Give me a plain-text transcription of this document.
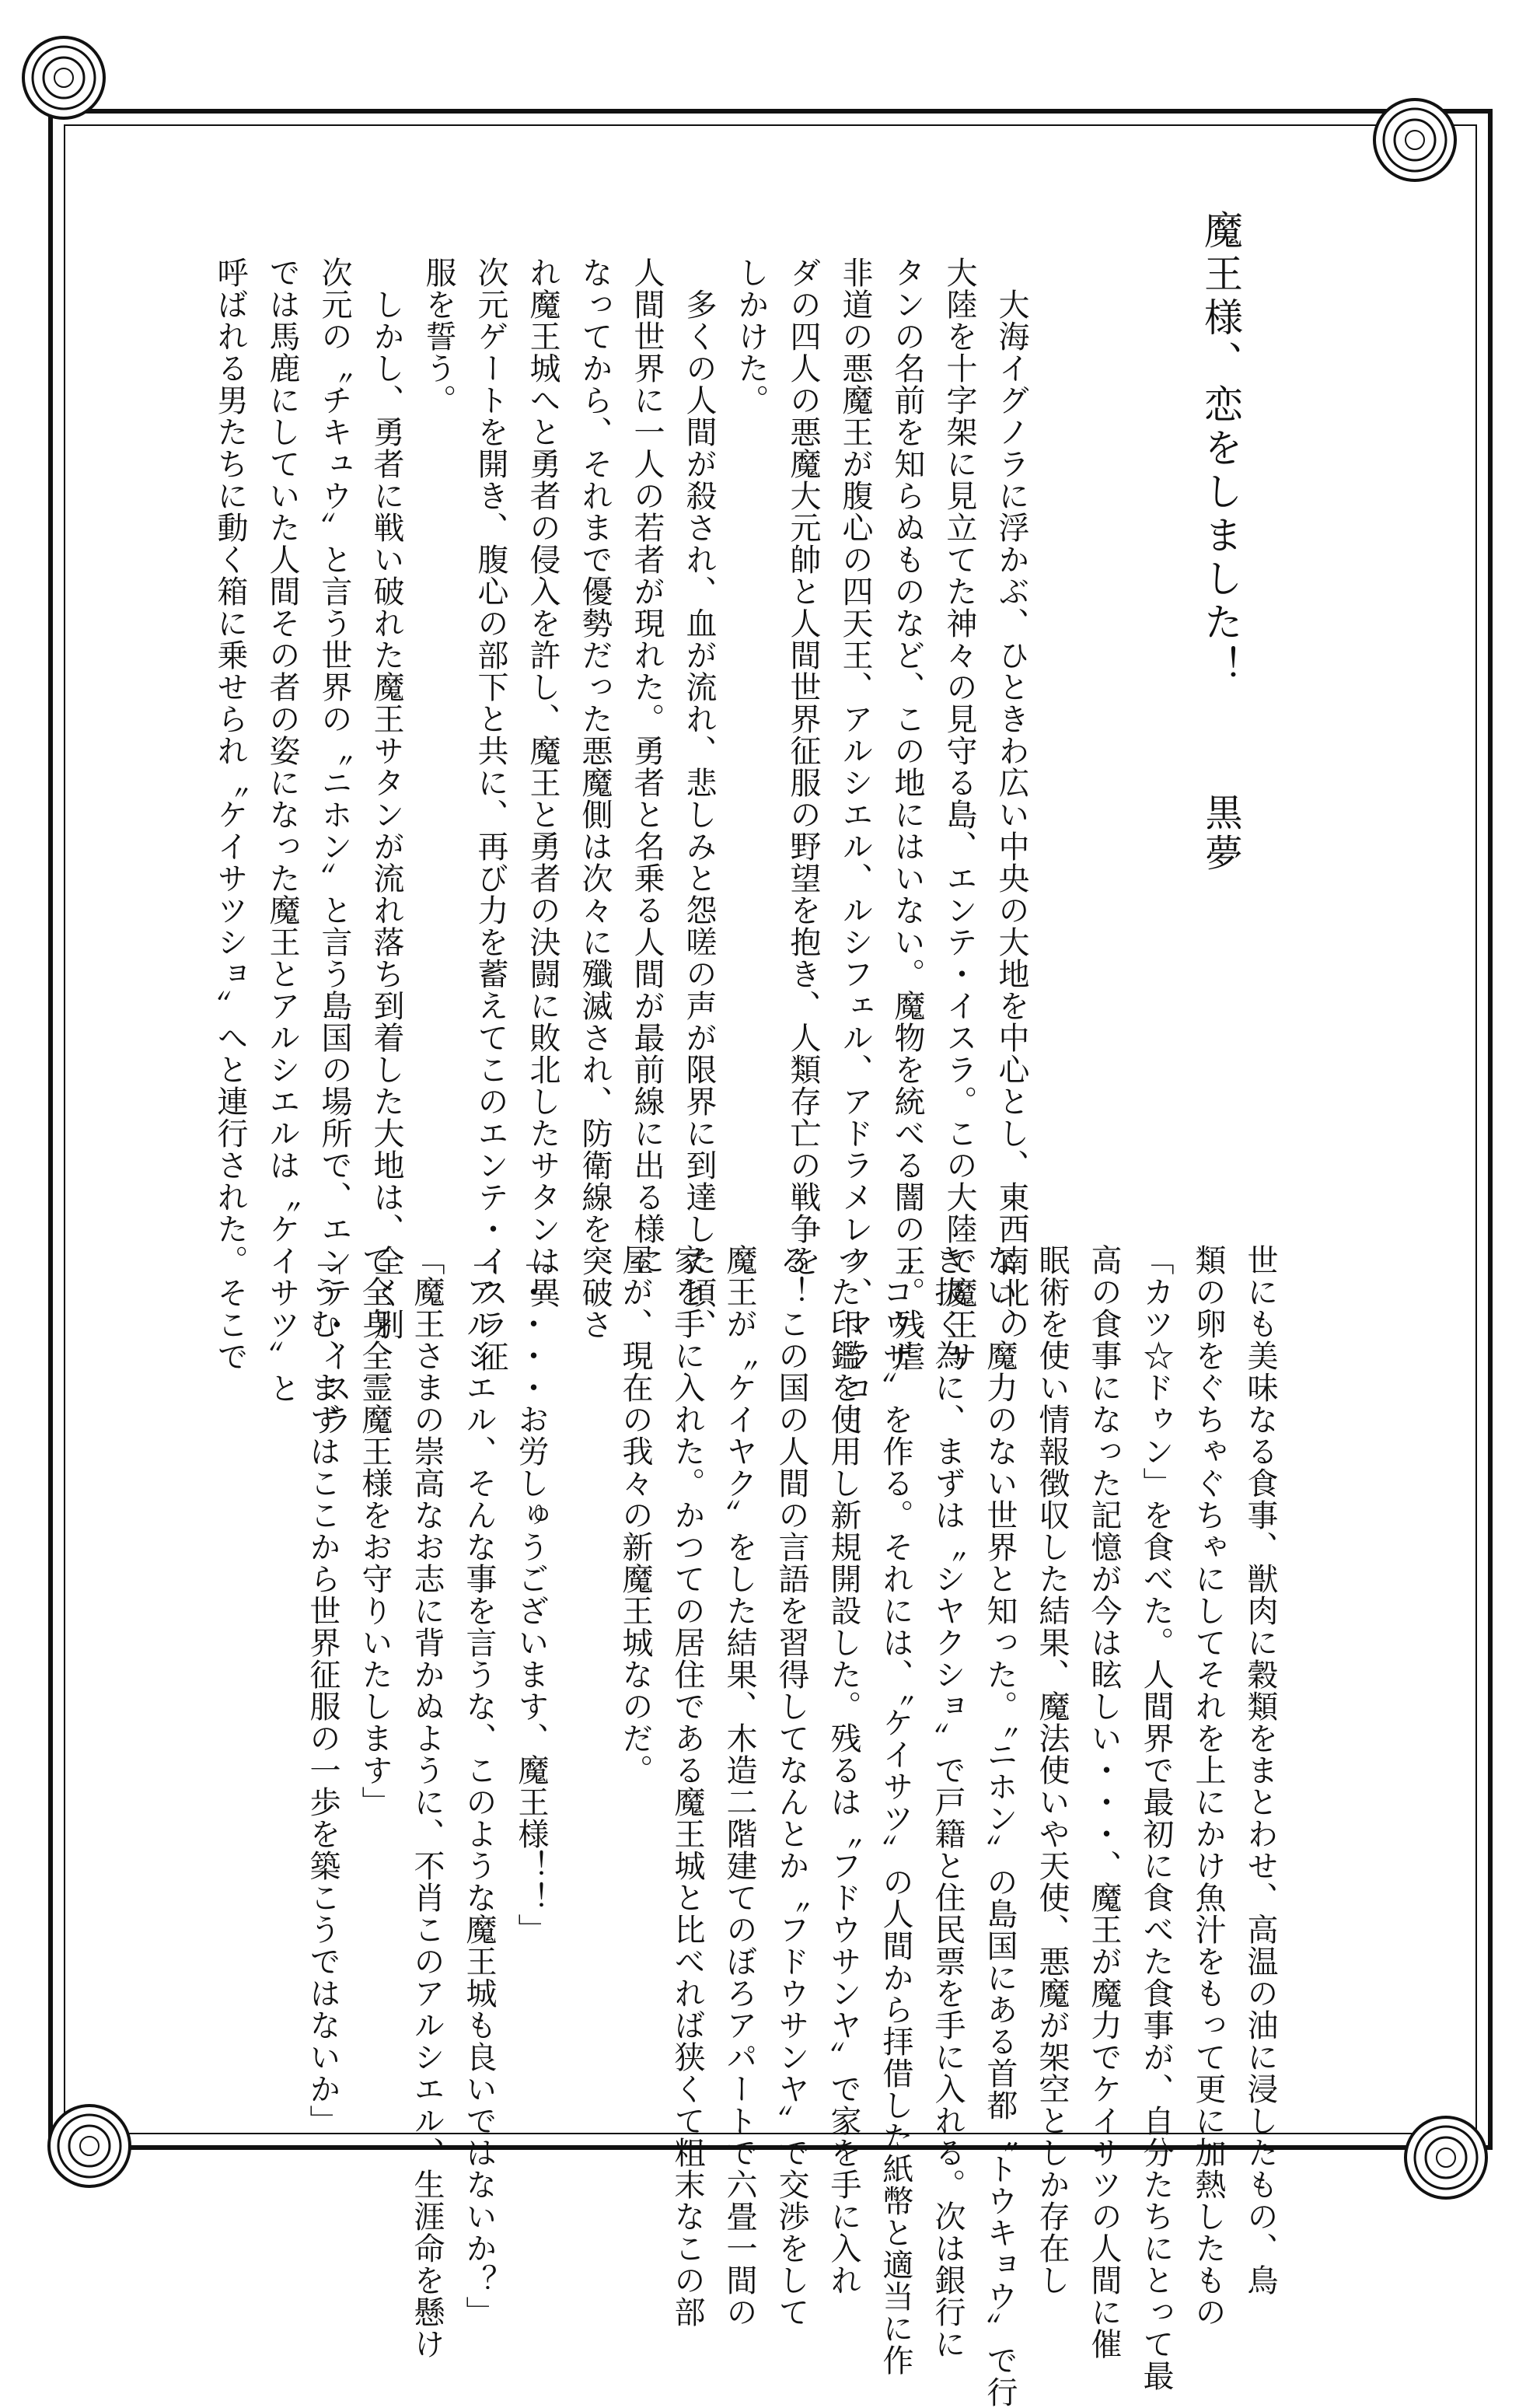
魔王様、恋をしました！
黒夢

　大海イグノラに浮かぶ、ひときわ広い中央の大地を中心とし、東西南北の
大陸を十字架に見立てた神々の見守る島、エンテ・イスラ。この大陸で魔王サ
タンの名前を知らぬものなど、この地にはいない。魔物を統べる闇の王。残虐
非道の悪魔王が腹心の四天王、アルシエル、ルシフェル、アドラメレク、マラコー
ダの四人の悪魔大元帥と人間世界征服の野望を抱き、人類存亡の戦争を
しかけた。
　多くの人間が殺され、血が流れ、悲しみと怨嗟の声が限界に到達した頃、
人間世界に一人の若者が現れた。勇者と名乗る人間が最前線に出る様に
なってから、それまで優勢だった悪魔側は次々に殲滅され、防衛線を突破さ
れ魔王城へと勇者の侵入を許し、魔王と勇者の決闘に敗北したサタンは異
次元ゲートを開き、腹心の部下と共に、再び力を蓄えてこのエンテ・イスラ征
服を誓う。
　しかし、勇者に戦い破れた魔王サタンが流れ落ち到着した大地は、全く別
次元の〝チキュウ〟と言う世界の〝ニホン〟と言う島国の場所で、エンテ・イスラ
では馬鹿にしていた人間その者の姿になった魔王とアルシエルは〝ケイサツ〟と
呼ばれる男たちに動く箱に乗せられ〝ケイサツショ〟へと連行された。そこで

世にも美味なる食事、獣肉に穀類をまとわせ、高温の油に浸したもの、鳥
類の卵をぐちゃぐちゃにしてそれを上にかけ魚汁をもって更に加熱したもの
「カツ☆ドゥン」を食べた。人間界で最初に食べた食事が、自分たちにとって最
高の食事になった記憶が今は眩しい・・・、魔王が魔力でケイサツの人間に催
眠術を使い情報徴収した結果、魔法使いや天使、悪魔が架空としか存在し
ない、魔力のない世界と知った。〝ニホン〟の島国にある首都〝トウキョウ〟で行
き抜く為に、まずは〝シヤクショ〟で戸籍と住民票を手に入れる。次は銀行に
〝コウザ〟を作る。それには、〝ケイサツ〟の人間から拝借した紙幣と適当に作
った印鑑を使用し新規開設した。残るは〝フドウサンヤ〟で家を手に入れ
る！この国の人間の言語を習得してなんとか〝フドウサンヤ〟で交渉をして
魔王が〝ケイヤク〟をした結果、木造二階建てのぼろアパートで六畳一間の
家を手に入れた。かつての居住である魔王城と比べれば狭くて粗末なこの部
屋が、現在の我々の新魔王城なのだ。

「・・・・お労しゅうございます、魔王様！！」
「アルシエル、そんな事を言うな、このような魔王城も良いではないか？」
「魔王さまの崇高なお志に背かぬように、不肖このアルシエル、生涯命を懸け
て全身全霊魔王様をお守りいたします」
「うむ、まずはここから世界征服の一歩を築こうではないか」
